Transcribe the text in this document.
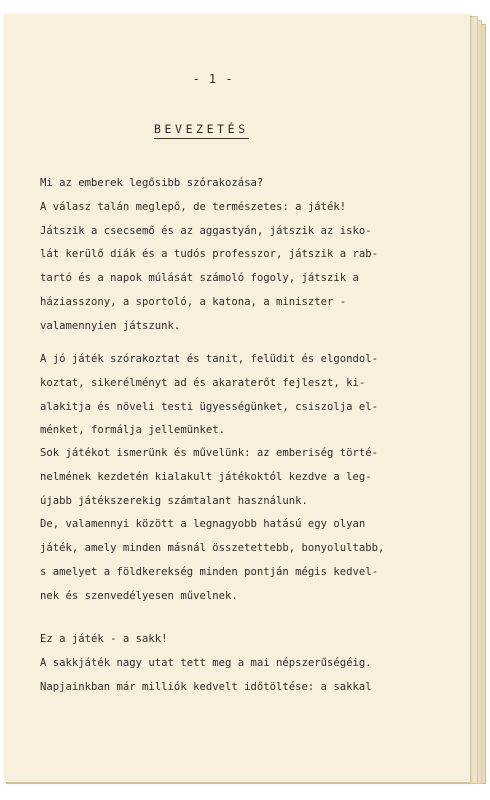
- 1 -
BEVEZETÉS
Mi az emberek legősibb szórakozása?
A válasz talán meglepő, de természetes: a játék!
Játszik a csecsemő és az aggastyán, játszik az isko-
lát kerülő diák és a tudós professzor, játszik a rab-
tartó és a napok múlását számoló fogoly, játszik a
háziasszony, a sportoló, a katona, a miniszter -
valamennyien játszunk.
A jó játék szórakoztat és tanit, felüdit és elgondol-
koztat, sikerélményt ad és akaraterőt fejleszt, ki-
alakitja és növeli testi ügyességünket, csiszolja el-
ménket, formálja jellemünket.
Sok játékot ismerünk és művelünk: az emberiség törté-
nelmének kezdetén kialakult játékoktól kezdve a leg-
újabb játékszerekig számtalant használunk.
De, valamennyi között a legnagyobb hatású egy olyan
játék, amely minden másnál összetettebb, bonyolultabb,
s amelyet a földkerekség minden pontján mégis kedvel-
nek és szenvedélyesen művelnek.
Ez a játék - a sakk!
A sakkjáték nagy utat tett meg a mai népszerűségéig.
Napjainkban már milliók kedvelt időtöltése: a sakkal
